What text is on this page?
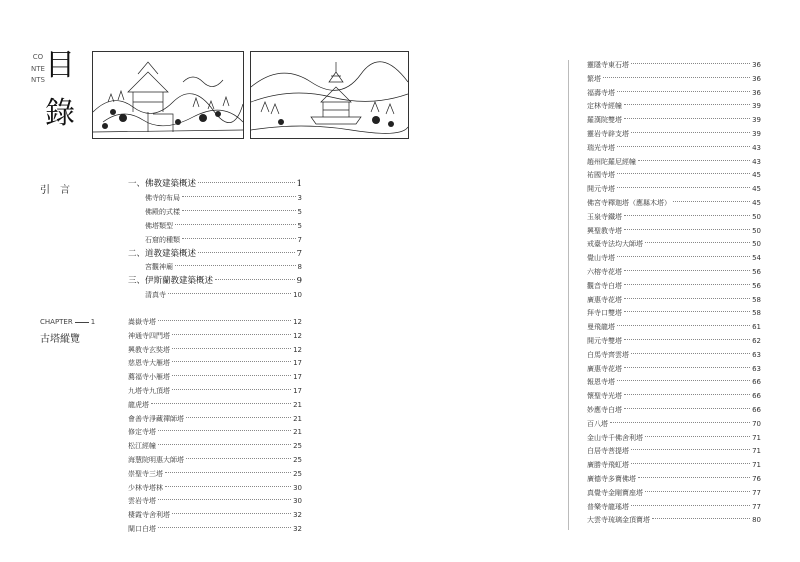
CONTENTS 目
錄
引　言
一、佛教建築概述	1
佛寺的布局	3
佛殿的式樣	5
佛塔類型	5
石窟的種類	7
二、道教建築概述	7
宮觀神廟	8
三、伊斯蘭教建築概述	9
清真寺	10
CHAPTER	1
古塔縱覽
嵩嶽寺塔	12
神通寺四門塔	12
興教寺玄奘塔	12
慈恩寺大雁塔	17
薦福寺小雁塔	17
九塔寺九頂塔	17
龍虎塔	21
會善寺淨藏禪師塔	21
修定寺塔	21
松江經幢	25
海慧院明惠大師塔	25
崇聖寺三塔	25
少林寺塔林	30
雲岩寺塔	30
棲霞寺舍利塔	32
閘口白塔	32
靈隱寺東石塔	36
繁塔	36
福壽寺塔	36
定林寺經幢	39
羅漢院雙塔	39
靈岩寺辟支塔	39
瑞光寺塔	43
趙州陀羅尼經幢	43
祐國寺塔	45
開元寺塔	45
佛宮寺釋迦塔（應縣木塔）	45
玉泉寺鐵塔	50
興聖教寺塔	50
戒臺寺法均大師塔	50
覺山寺塔	54
六榕寺花塔	56
觀音寺白塔	56
廣惠寺花塔	58
拜寺口雙塔	58
曼飛龍塔	61
開元寺雙塔	62
白馬寺齊雲塔	63
廣惠寺花塔	63
報恩寺塔	66
懷聖寺光塔	66
妙應寺白塔	66
百八塔	70
金山寺千佛舍利塔	71
白居寺菩提塔	71
廣勝寺飛虹塔	71
廣德寺多寶佛塔	76
真覺寺金剛寶座塔	77
普樂寺龍瑤塔	77
大雲寺琉璃金頂寶塔	80
